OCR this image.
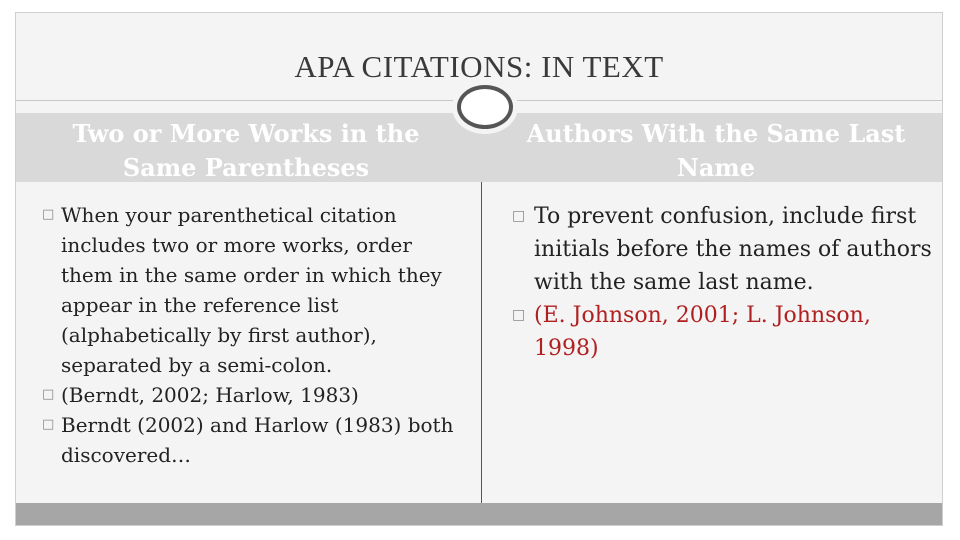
APA CITATIONS: IN TEXT
Two or More Works in the
Same Parentheses
Authors With the Same Last
Name

□ When your parenthetical citation includes two or more works, order them in the same order in which they appear in the reference list (alphabetically by first author), separated by a semi-colon.

□ (Berndt, 2002; Harlow, 1983)

□ Berndt (2002) and Harlow (1983) both discovered…

□ To prevent confusion, include first initials before the names of authors with the same last name.

□ (E. Johnson, 2001; L. Johnson, 1998)
